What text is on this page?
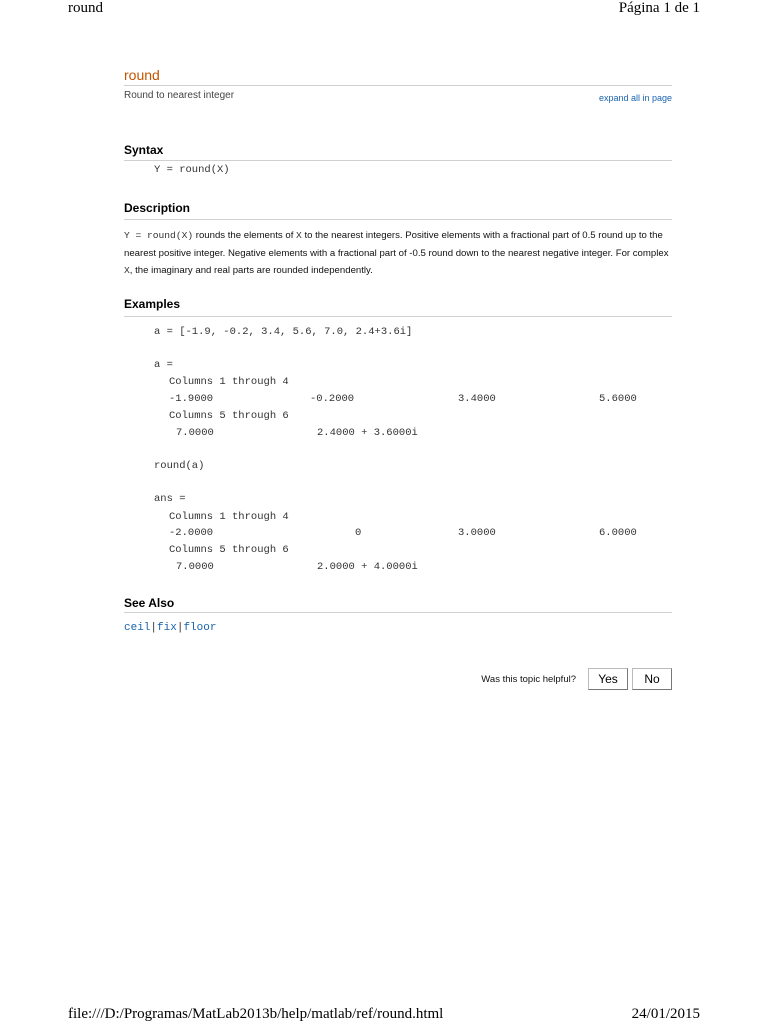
round	Página 1 de 1
round
Round to nearest integer	expand all in page
Syntax
Y = round(X)
Description
Y = round(X) rounds the elements of X to the nearest integers. Positive elements with a fractional part of 0.5 round up to the nearest positive integer. Negative elements with a fractional part of -0.5 round down to the nearest negative integer. For complex X, the imaginary and real parts are rounded independently.
Examples
a = [-1.9, -0.2, 3.4, 5.6, 7.0, 2.4+3.6i]
a =
Columns 1 through 4
-1.9000	-0.2000	3.4000	5.6000
Columns 5 through 6
7.0000	2.4000 + 3.6000i
round(a)
ans =
Columns 1 through 4
-2.0000	0	3.0000	6.0000
Columns 5 through 6
7.0000	2.0000 + 4.0000i
See Also
ceil|fix|floor
Was this topic helpful?	Yes	No
file:///D:/Programas/MatLab2013b/help/matlab/ref/round.html	24/01/2015
